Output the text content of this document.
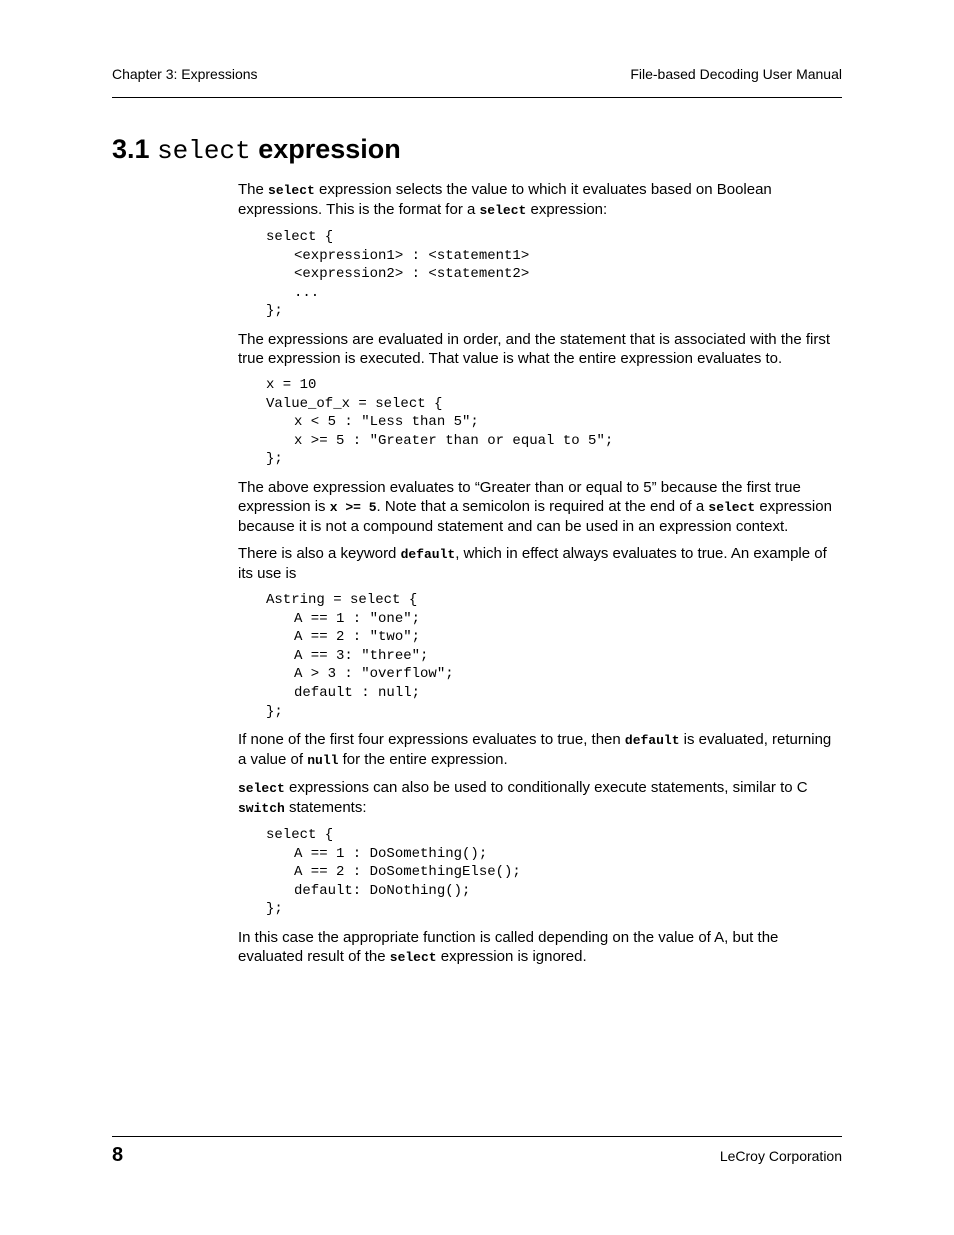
Chapter 3: Expressions	File-based Decoding User Manual
3.1 select expression

The select expression selects the value to which it evaluates based on Boolean expressions. This is the format for a select expression:

select {
<expression1> : <statement1>
<expression2> : <statement2>
...
};

The expressions are evaluated in order, and the statement that is associated with the first true expression is executed. That value is what the entire expression evaluates to.

x = 10
Value_of_x = select {
x < 5 : "Less than 5";
x >= 5 : "Greater than or equal to 5";
};

The above expression evaluates to “Greater than or equal to 5” because the first true expression is x >= 5. Note that a semicolon is required at the end of a select expression because it is not a compound statement and can be used in an expression context.

There is also a keyword default, which in effect always evaluates to true. An example of its use is

Astring = select {
A == 1 : "one";
A == 2 : "two";
A == 3: "three";
A > 3 : "overflow";
default : null;
};

If none of the first four expressions evaluates to true, then default is evaluated, returning a value of null for the entire expression.

select expressions can also be used to conditionally execute statements, similar to C switch statements:

select {
A == 1 : DoSomething();
A == 2 : DoSomethingElse();
default: DoNothing();
};

In this case the appropriate function is called depending on the value of A, but the evaluated result of the select expression is ignored.

8	LeCroy Corporation
